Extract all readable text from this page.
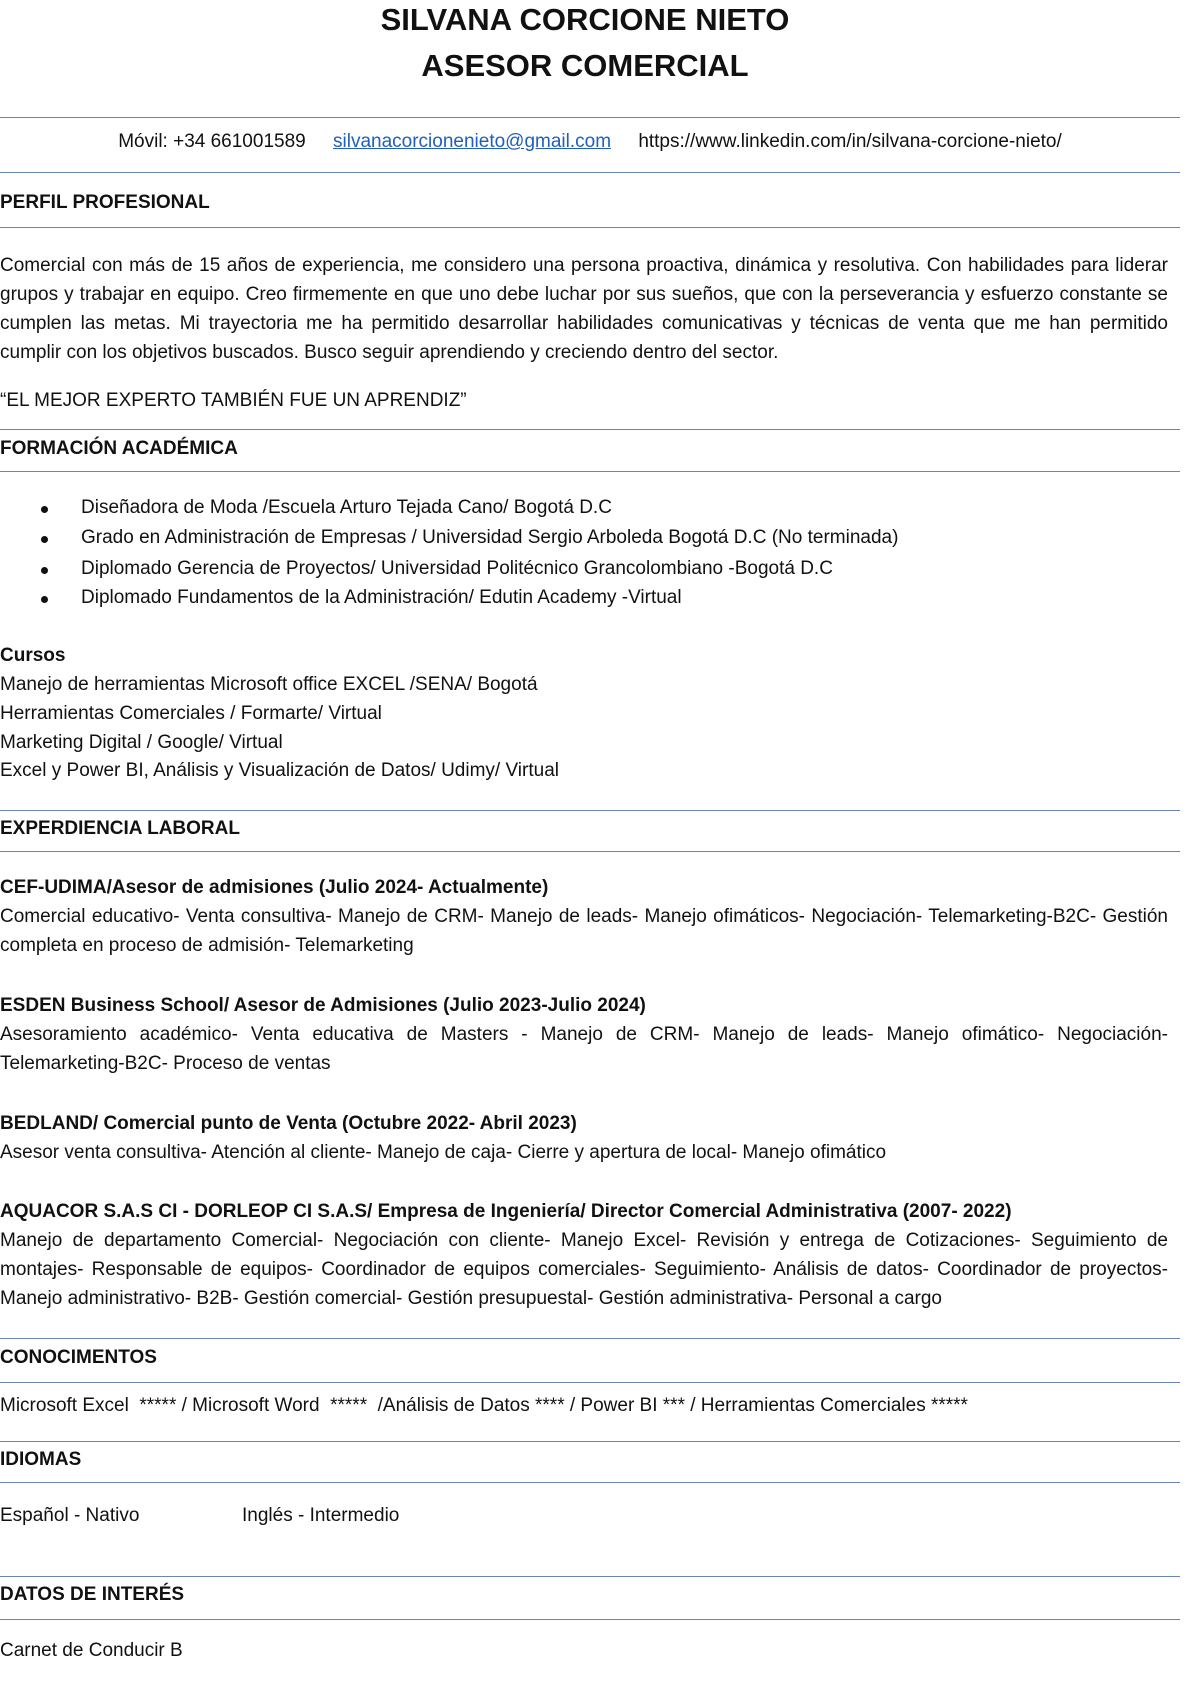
SILVANA CORCIONE NIETO
ASESOR COMERCIAL
Móvil: +34 661001589 silvanacorcionenieto@gmail.com https://www.linkedin.com/in/silvana-corcione-nieto/
PERFIL PROFESIONAL
Comercial con más de 15 años de experiencia, me considero una persona proactiva, dinámica y resolutiva. Con habilidades para liderar grupos y trabajar en equipo. Creo firmemente en que uno debe luchar por sus sueños, que con la perseverancia y esfuerzo constante se cumplen las metas. Mi trayectoria me ha permitido desarrollar habilidades comunicativas y técnicas de venta que me han permitido cumplir con los objetivos buscados. Busco seguir aprendiendo y creciendo dentro del sector.
“EL MEJOR EXPERTO TAMBIÉN FUE UN APRENDIZ”
FORMACIÓN ACADÉMICA
Diseñadora de Moda /Escuela Arturo Tejada Cano/ Bogotá D.C
Grado en Administración de Empresas / Universidad Sergio Arboleda Bogotá D.C (No terminada)
Diplomado Gerencia de Proyectos/ Universidad Politécnico Grancolombiano -Bogotá D.C
Diplomado Fundamentos de la Administración/ Edutin Academy -Virtual
Cursos
Manejo de herramientas Microsoft office EXCEL /SENA/ Bogotá
Herramientas Comerciales / Formarte/ Virtual
Marketing Digital / Google/ Virtual
Excel y Power BI, Análisis y Visualización de Datos/ Udimy/ Virtual
EXPERDIENCIA LABORAL
CEF-UDIMA/Asesor de admisiones (Julio 2024- Actualmente)
Comercial educativo- Venta consultiva- Manejo de CRM- Manejo de leads- Manejo ofimáticos- Negociación- Telemarketing-B2C- Gestión completa en proceso de admisión- Telemarketing
ESDEN Business School/ Asesor de Admisiones (Julio 2023-Julio 2024)
Asesoramiento académico- Venta educativa de Masters - Manejo de CRM- Manejo de leads- Manejo ofimático- Negociación- Telemarketing-B2C- Proceso de ventas
BEDLAND/ Comercial punto de Venta (Octubre 2022- Abril 2023)
Asesor venta consultiva- Atención al cliente- Manejo de caja- Cierre y apertura de local- Manejo ofimático
AQUACOR S.A.S CI - DORLEOP CI S.A.S/ Empresa de Ingeniería/ Director Comercial Administrativa (2007- 2022)
Manejo de departamento Comercial- Negociación con cliente- Manejo Excel- Revisión y entrega de Cotizaciones- Seguimiento de montajes- Responsable de equipos- Coordinador de equipos comerciales- Seguimiento- Análisis de datos- Coordinador de proyectos- Manejo administrativo- B2B- Gestión comercial- Gestión presupuestal- Gestión administrativa- Personal a cargo
CONOCIMENTOS
Microsoft Excel  ***** / Microsoft Word  *****  /Análisis de Datos **** / Power BI *** / Herramientas Comerciales *****
IDIOMAS
Español - Nativo	Inglés - Intermedio
DATOS DE INTERÉS
Carnet de Conducir B
